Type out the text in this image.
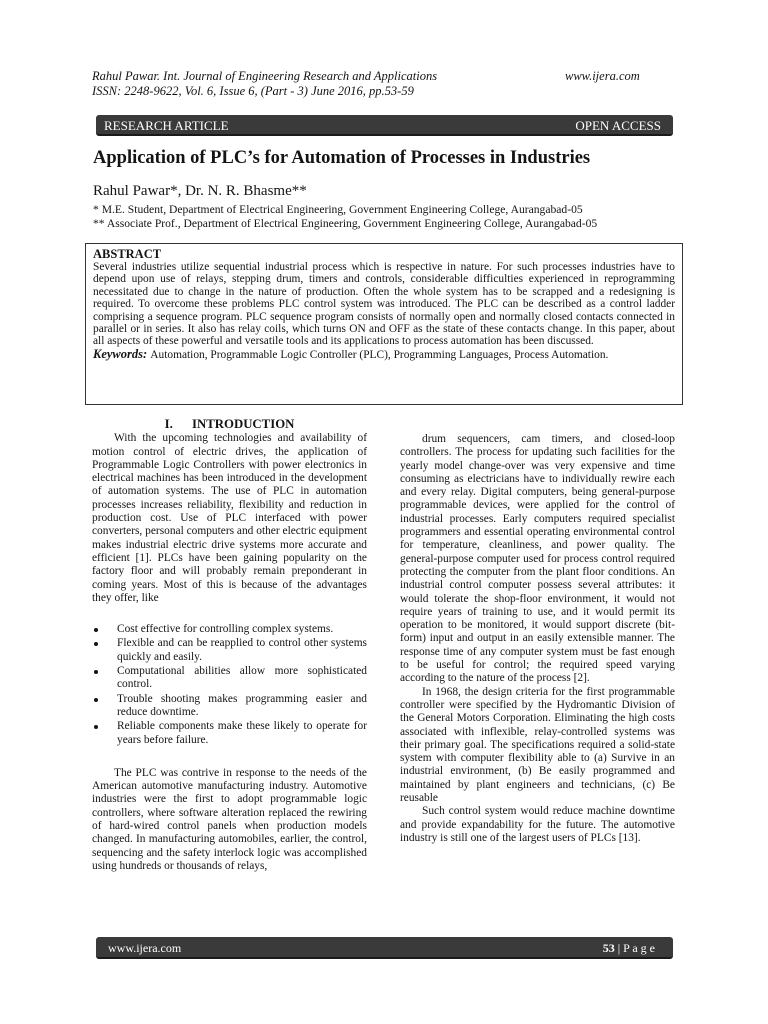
Rahul Pawar. Int. Journal of Engineering Research and Applications	www.ijera.com
ISSN: 2248-9622, Vol. 6, Issue 6, (Part - 3) June 2016, pp.53-59
RESEARCH ARTICLE	OPEN ACCESS
Application of PLC’s for Automation of Processes in Industries
Rahul Pawar*, Dr. N. R. Bhasme**
* M.E. Student, Department of Electrical Engineering, Government Engineering College, Aurangabad-05
** Associate Prof., Department of Electrical Engineering, Government Engineering College, Aurangabad-05
ABSTRACT
Several industries utilize sequential industrial process which is respective in nature. For such processes industries have to depend upon use of relays, stepping drum, timers and controls, considerable difficulties experienced in reprogramming necessitated due to change in the nature of production. Often the whole system has to be scrapped and a redesigning is required. To overcome these problems PLC control system was introduced. The PLC can be described as a control ladder comprising a sequence program. PLC sequence program consists of normally open and normally closed contacts connected in parallel or in series. It also has relay coils, which turns ON and OFF as the state of these contacts change. In this paper, about all aspects of these powerful and versatile tools and its applications to process automation has been discussed.
Keywords: Automation, Programmable Logic Controller (PLC), Programming Languages, Process Automation.
I. INTRODUCTION

With the upcoming technologies and availability of motion control of electric drives, the application of Programmable Logic Controllers with power electronics in electrical machines has been introduced in the development of automation systems. The use of PLC in automation processes increases reliability, flexibility and reduction in production cost. Use of PLC interfaced with power converters, personal computers and other electric equipment makes industrial electric drive systems more accurate and efficient [1]. PLCs have been gaining popularity on the factory floor and will probably remain preponderant in coming years. Most of this is because of the advantages they offer, like

Cost effective for controlling complex systems.
Flexible and can be reapplied to control other systems quickly and easily.
Computational abilities allow more sophisticated control.
Trouble shooting makes programming easier and reduce downtime.
Reliable components make these likely to operate for years before failure.

The PLC was contrive in response to the needs of the American automotive manufacturing industry. Automotive industries were the first to adopt programmable logic controllers, where software alteration replaced the rewiring of hard-wired control panels when production models changed. In manufacturing automobiles, earlier, the control, sequencing and the safety interlock logic was accomplished using hundreds or thousands of relays,

drum sequencers, cam timers, and closed-loop controllers. The process for updating such facilities for the yearly model change-over was very expensive and time consuming as electricians have to individually rewire each and every relay. Digital computers, being general-purpose programmable devices, were applied for the control of industrial processes. Early computers required specialist programmers and essential operating environmental control for temperature, cleanliness, and power quality. The general-purpose computer used for process control required protecting the computer from the plant floor conditions. An industrial control computer possess several attributes: it would tolerate the shop-floor environment, it would not require years of training to use, and it would permit its operation to be monitored, it would support discrete (bit-form) input and output in an easily extensible manner. The response time of any computer system must be fast enough to be useful for control; the required speed varying according to the nature of the process [2].

In 1968, the design criteria for the first programmable controller were specified by the Hydromantic Division of the General Motors Corporation. Eliminating the high costs associated with inflexible, relay-controlled systems was their primary goal. The specifications required a solid-state system with computer flexibility able to (a) Survive in an industrial environment, (b) Be easily programmed and maintained by plant engineers and technicians, (c) Be reusable

Such control system would reduce machine downtime and provide expandability for the future. The automotive industry is still one of the largest users of PLCs [13].

www.ijera.com	53 | P a g e
